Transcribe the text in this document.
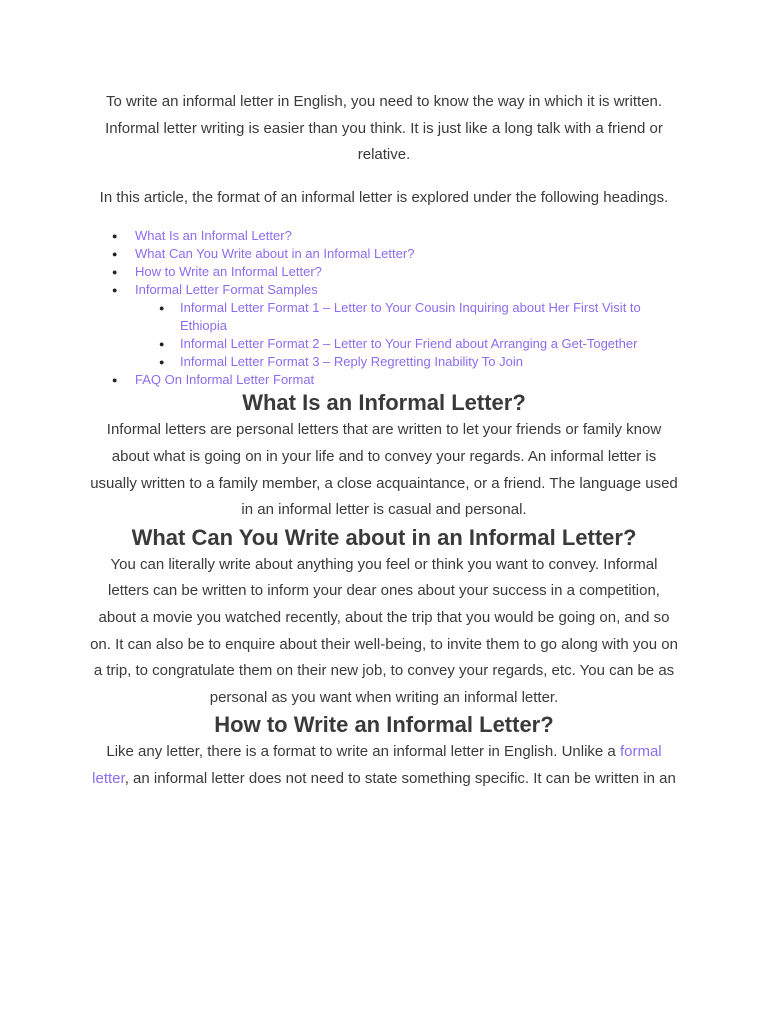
To write an informal letter in English, you need to know the way in which it is written. Informal letter writing is easier than you think. It is just like a long talk with a friend or relative.

In this article, the format of an informal letter is explored under the following headings.

● What Is an Informal Letter?
● What Can You Write about in an Informal Letter?
● How to Write an Informal Letter?
● Informal Letter Format Samples
● Informal Letter Format 1 – Letter to Your Cousin Inquiring about Her First Visit to Ethiopia
● Informal Letter Format 2 – Letter to Your Friend about Arranging a Get-Together
● Informal Letter Format 3 – Reply Regretting Inability To Join
● FAQ On Informal Letter Format
What Is an Informal Letter?

Informal letters are personal letters that are written to let your friends or family know about what is going on in your life and to convey your regards. An informal letter is usually written to a family member, a close acquaintance, or a friend. The language used in an informal letter is casual and personal.

What Can You Write about in an Informal Letter?

You can literally write about anything you feel or think you want to convey. Informal letters can be written to inform your dear ones about your success in a competition, about a movie you watched recently, about the trip that you would be going on, and so on. It can also be to enquire about their well-being, to invite them to go along with you on a trip, to congratulate them on their new job, to convey your regards, etc. You can be as personal as you want when writing an informal letter.

How to Write an Informal Letter?

Like any letter, there is a format to write an informal letter in English. Unlike a formal letter, an informal letter does not need to state something specific. It can be written in an
